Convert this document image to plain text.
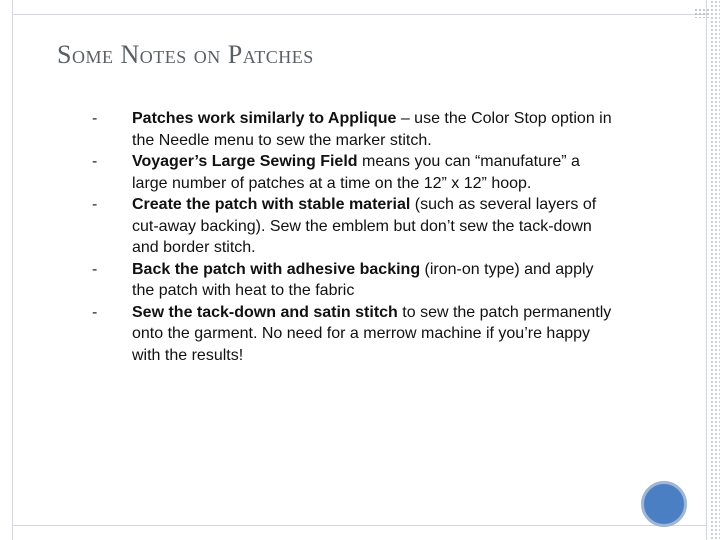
Some Notes on Patches
-	Patches work similarly to Applique – use the Color Stop option in the Needle menu to sew the marker stitch.
-	Voyager’s Large Sewing Field means you can “manufature” a large number of patches at a time on the 12” x 12” hoop.
-	Create the patch with stable material (such as several layers of cut-away backing). Sew the emblem but don’t sew the tack-down and border stitch.
-	Back the patch with adhesive backing (iron-on type) and apply the patch with heat to the fabric
-	Sew the tack-down and satin stitch to sew the patch permanently onto the garment. No need for a merrow machine if you’re happy with the results!
